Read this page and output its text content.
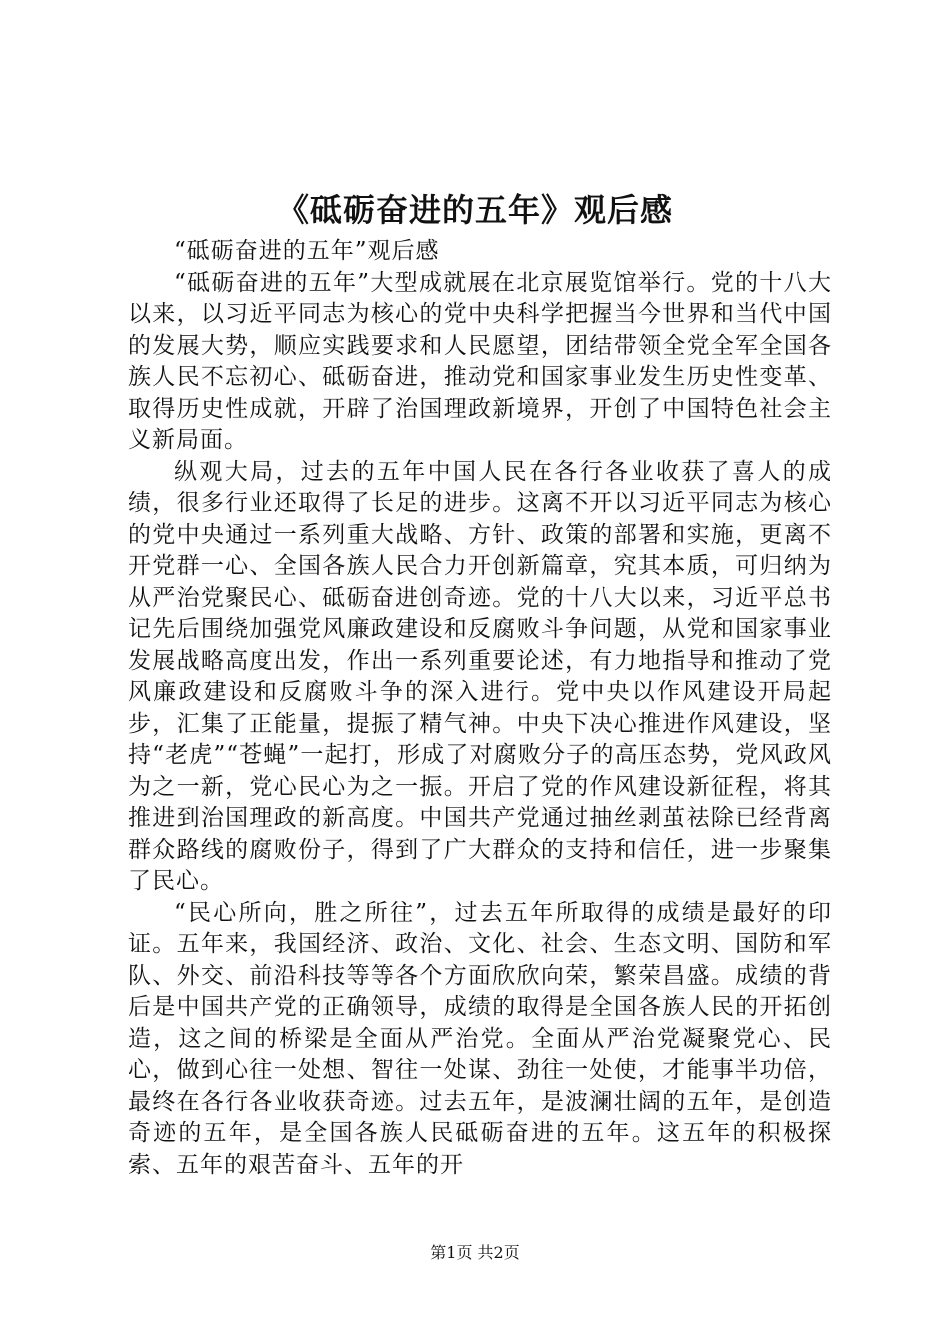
《砥砺奋进的五年》观后感

“砥砺奋进的五年”观后感

“砥砺奋进的五年”大型成就展在北京展览馆举行。党的十八大以来，以习近平同志为核心的党中央科学把握当今世界和当代中国的发展大势，顺应实践要求和人民愿望，团结带领全党全军全国各族人民不忘初心、砥砺奋进，推动党和国家事业发生历史性变革、取得历史性成就，开辟了治国理政新境界，开创了中国特色社会主义新局面。

纵观大局，过去的五年中国人民在各行各业收获了喜人的成绩，很多行业还取得了长足的进步。这离不开以习近平同志为核心的党中央通过一系列重大战略、方针、政策的部署和实施，更离不开党群一心、全国各族人民合力开创新篇章，究其本质，可归纳为从严治党聚民心、砥砺奋进创奇迹。党的十八大以来，习近平总书记先后围绕加强党风廉政建设和反腐败斗争问题，从党和国家事业发展战略高度出发，作出一系列重要论述，有力地指导和推动了党风廉政建设和反腐败斗争的深入进行。党中央以作风建设开局起步，汇集了正能量，提振了精气神。中央下决心推进作风建设，坚持“老虎”“苍蝇”一起打，形成了对腐败分子的高压态势，党风政风为之一新，党心民心为之一振。开启了党的作风建设新征程，将其推进到治国理政的新高度。中国共产党通过抽丝剥茧祛除已经背离群众路线的腐败份子，得到了广大群众的支持和信任，进一步聚集了民心。

“民心所向，胜之所往”，过去五年所取得的成绩是最好的印证。五年来，我国经济、政治、文化、社会、生态文明、国防和军队、外交、前沿科技等等各个方面欣欣向荣，繁荣昌盛。成绩的背后是中国共产党的正确领导，成绩的取得是全国各族人民的开拓创造，这之间的桥梁是全面从严治党。全面从严治党凝聚党心、民心，做到心往一处想、智往一处谋、劲往一处使，才能事半功倍，最终在各行各业收获奇迹。过去五年，是波澜壮阔的五年，是创造奇迹的五年，是全国各族人民砥砺奋进的五年。这五年的积极探索、五年的艰苦奋斗、五年的开

第1页 共2页
